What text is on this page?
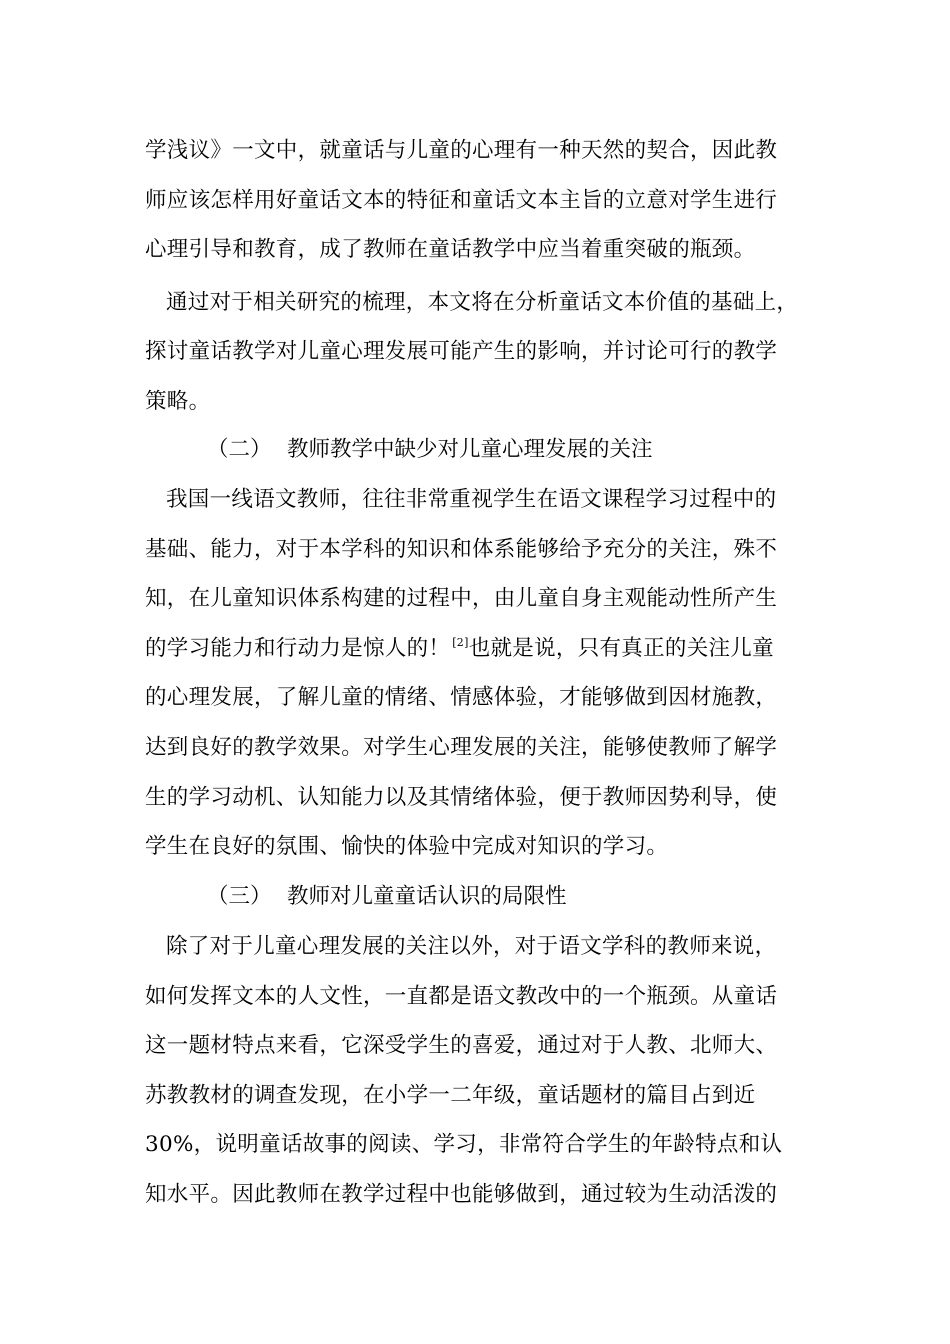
学浅议》一文中，就童话与儿童的心理有一种天然的契合，因此教
师应该怎样用好童话文本的特征和童话文本主旨的立意对学生进行
心理引导和教育，成了教师在童话教学中应当着重突破的瓶颈。
通过对于相关研究的梳理，本文将在分析童话文本价值的基础上，
探讨童话教学对儿童心理发展可能产生的影响，并讨论可行的教学
策略。
（二） 教师教学中缺少对儿童心理发展的关注
我国一线语文教师，往往非常重视学生在语文课程学习过程中的
基础、能力，对于本学科的知识和体系能够给予充分的关注，殊不
知，在儿童知识体系构建的过程中，由儿童自身主观能动性所产生
的学习能力和行动力是惊人的！ [2]也就是说，只有真正的关注儿童
的心理发展，了解儿童的情绪、情感体验，才能够做到因材施教，
达到良好的教学效果。对学生心理发展的关注，能够使教师了解学
生的学习动机、认知能力以及其情绪体验，便于教师因势利导，使
学生在良好的氛围、愉快的体验中完成对知识的学习。
（三） 教师对儿童童话认识的局限性
除了对于儿童心理发展的关注以外，对于语文学科的教师来说，
如何发挥文本的人文性，一直都是语文教改中的一个瓶颈。从童话
这一题材特点来看，它深受学生的喜爱，通过对于人教、北师大、
苏教教材的调查发现，在小学一二年级，童话题材的篇目占到近
30%，说明童话故事的阅读、学习，非常符合学生的年龄特点和认
知水平。因此教师在教学过程中也能够做到，通过较为生动活泼的
